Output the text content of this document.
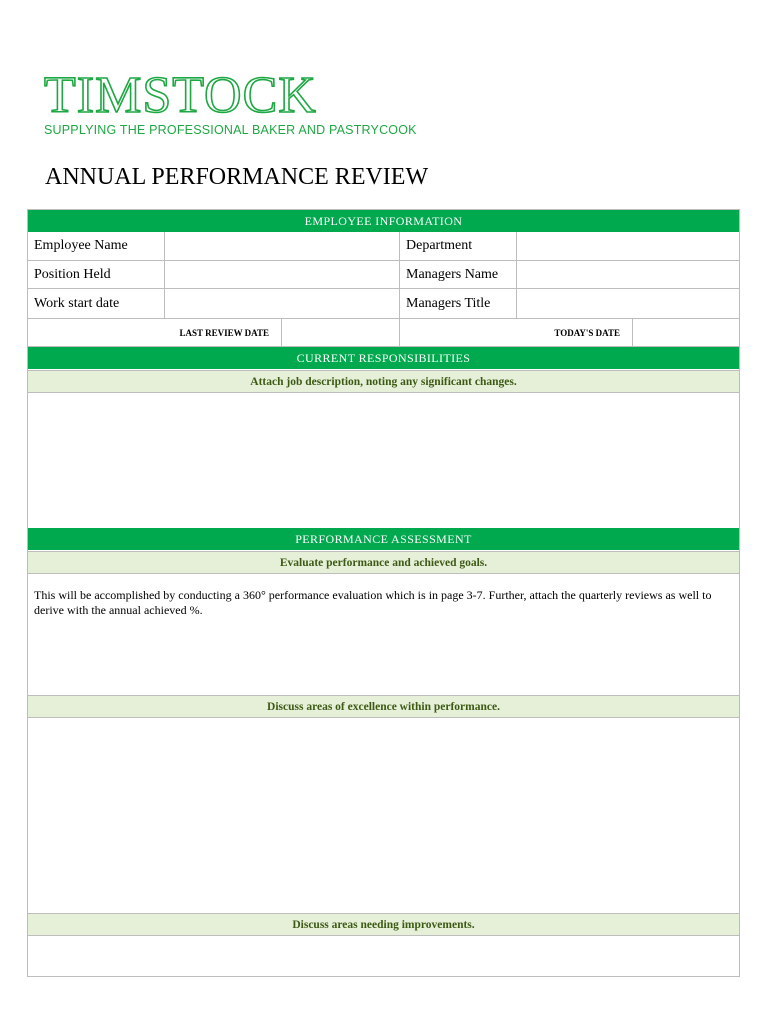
TIMSTOCK
SUPPLYING THE PROFESSIONAL BAKER AND PASTRYCOOK
ANNUAL PERFORMANCE REVIEW
EMPLOYEE INFORMATION
Employee Name	Department
Position Held	Managers Name
Work start date	Managers Title
LAST REVIEW DATE	TODAY'S DATE
CURRENT RESPONSIBILITIES
Attach job description, noting any significant changes.
PERFORMANCE ASSESSMENT
Evaluate performance and achieved goals.
This will be accomplished by conducting a 360° performance evaluation which is in page 3-7. Further, attach the quarterly reviews as well to derive with the annual achieved %.
Discuss areas of excellence within performance.
Discuss areas needing improvements.
